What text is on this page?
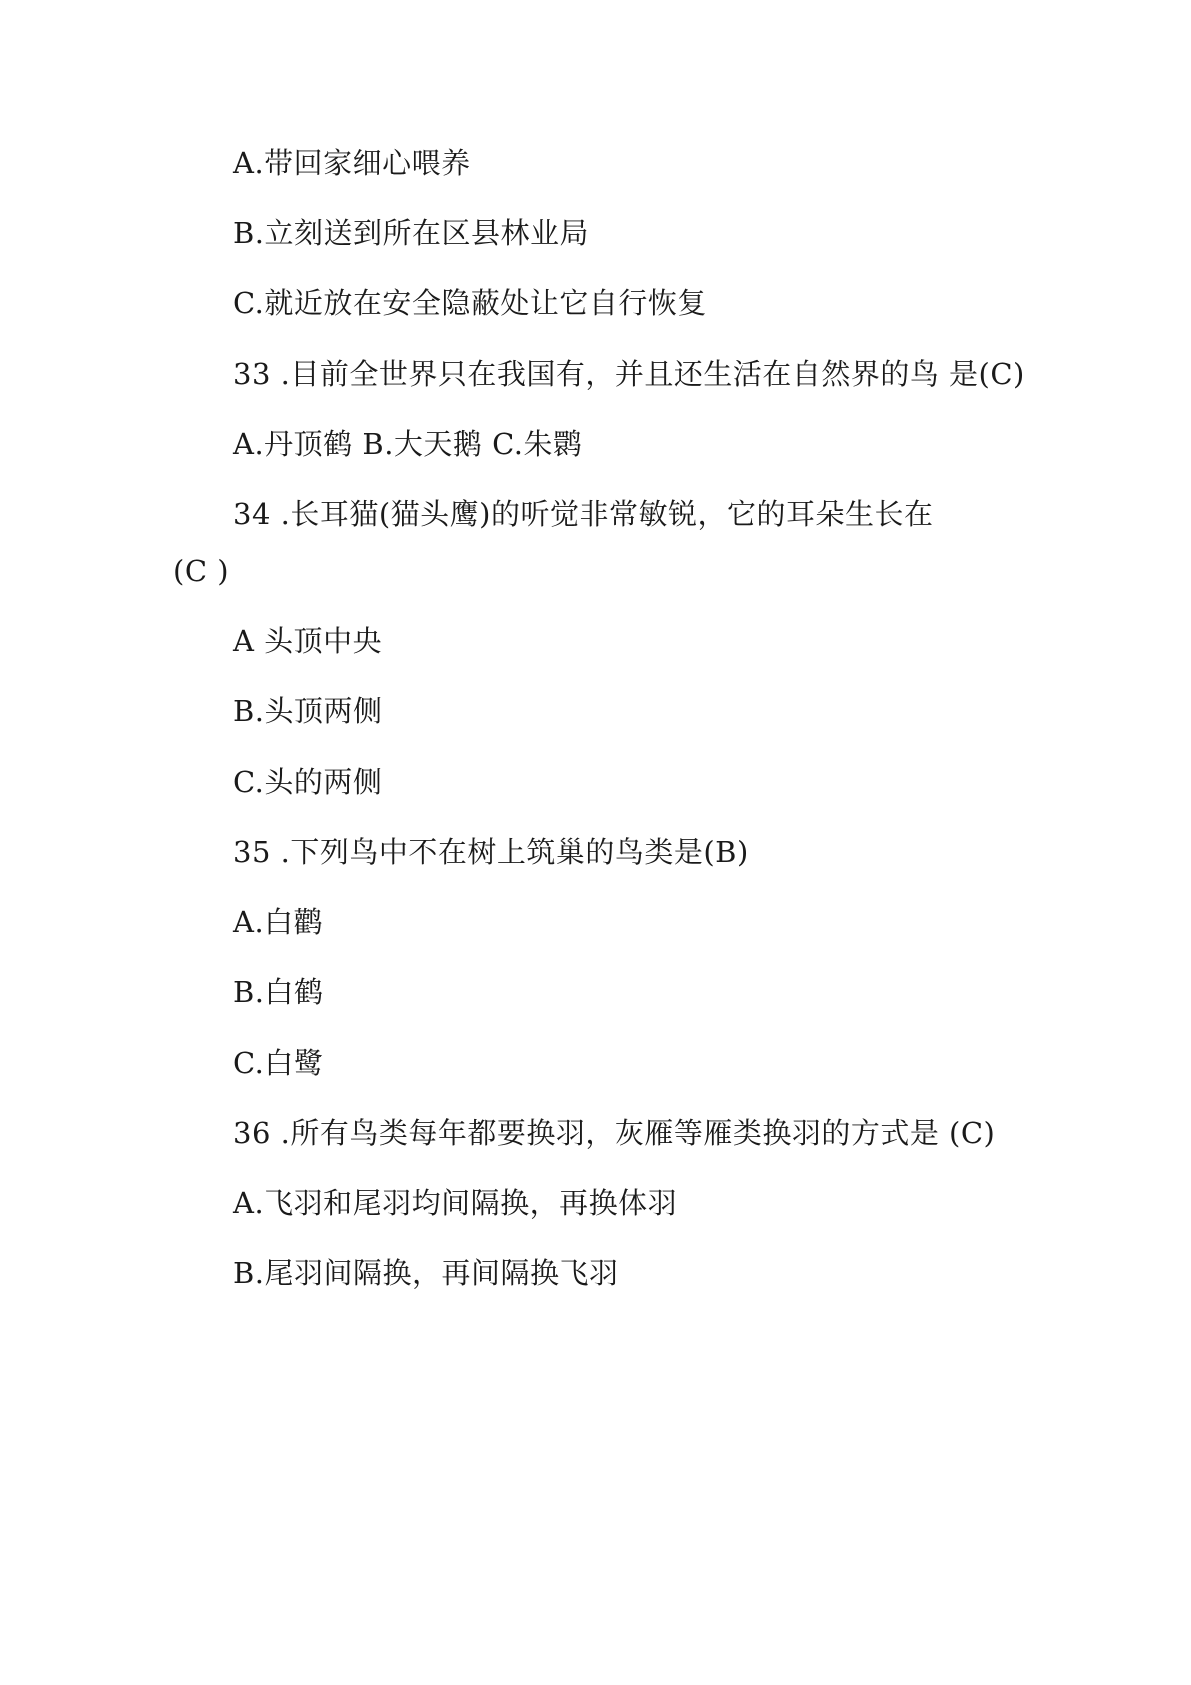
A.带回家细心喂养

B.立刻送到所在区县林业局

C.就近放在安全隐蔽处让它自行恢复

33 .目前全世界只在我国有，并且还生活在自然界的鸟 是(C)

A.丹顶鹤 B.大天鹅 C.朱鹮

34 .长耳猫(猫头鹰)的听觉非常敏锐，它的耳朵生长在

(C )

A 头顶中央

B.头顶两侧

C.头的两侧

35 .下列鸟中不在树上筑巢的鸟类是(B)

A.白鹳

B.白鹤

C.白鹭

36 .所有鸟类每年都要换羽，灰雁等雁类换羽的方式是 (C)

A.飞羽和尾羽均间隔换，再换体羽

B.尾羽间隔换，再间隔换飞羽
